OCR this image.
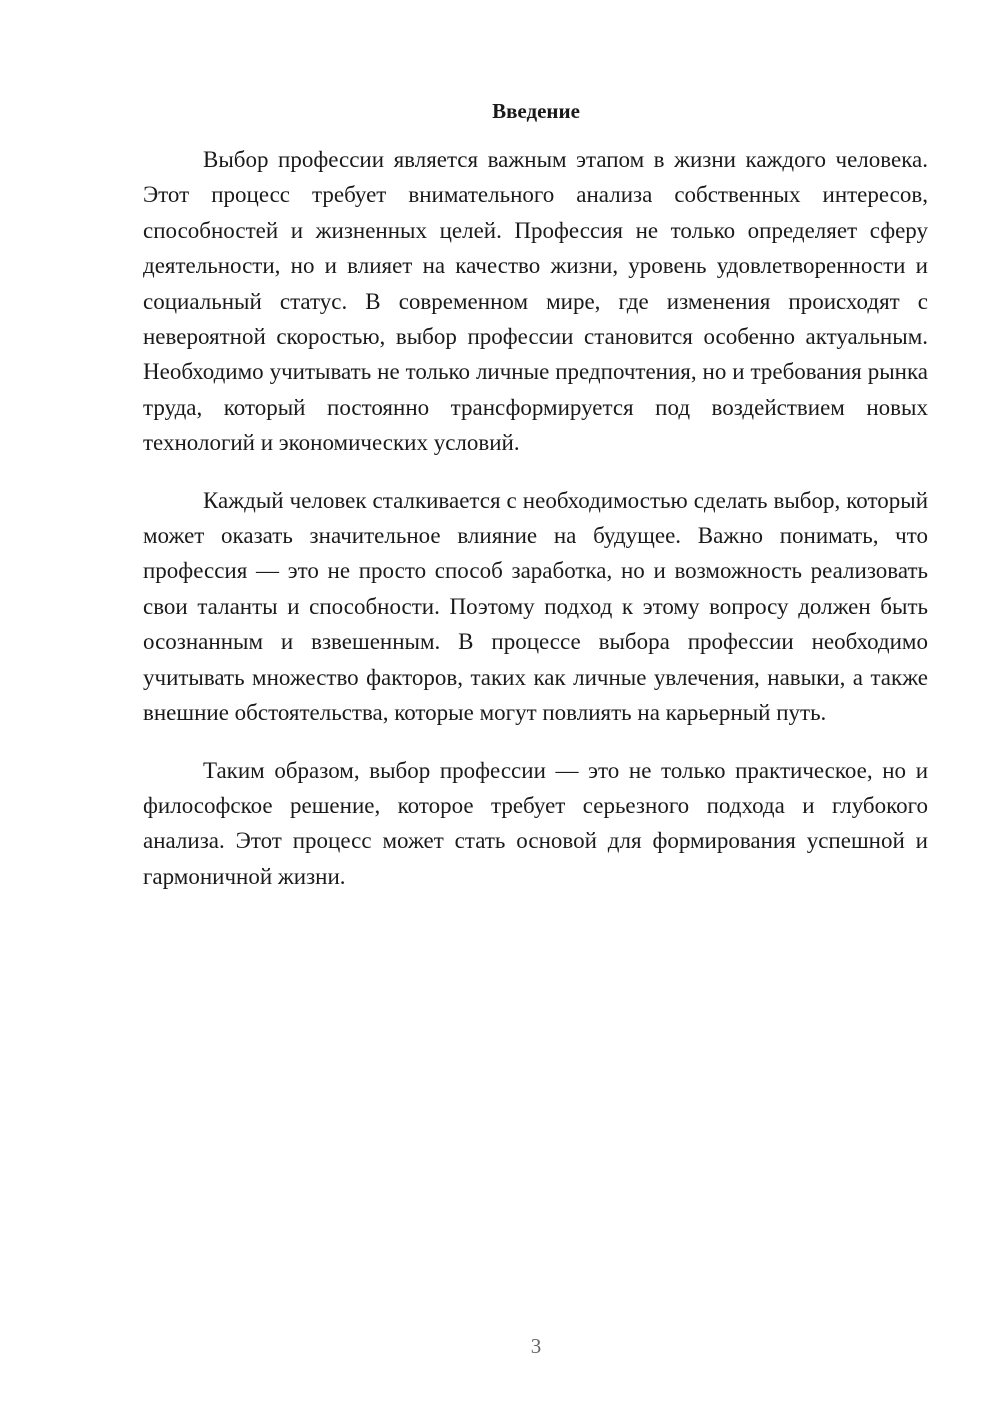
Введение

Выбор профессии является важным этапом в жизни каждого человека. Этот процесс требует внимательного анализа собственных интересов, способностей и жизненных целей. Профессия не только определяет сферу деятельности, но и влияет на качество жизни, уровень удовлетворенности и социальный статус. В современном мире, где изменения происходят с невероятной скоростью, выбор профессии становится особенно актуальным. Необходимо учитывать не только личные предпочтения, но и требования рынка труда, который постоянно трансформируется под воздействием новых технологий и экономических условий.

Каждый человек сталкивается с необходимостью сделать выбор, который может оказать значительное влияние на будущее. Важно понимать, что профессия — это не просто способ заработка, но и возможность реализовать свои таланты и способности. Поэтому подход к этому вопросу должен быть осознанным и взвешенным. В процессе выбора профессии необходимо учитывать множество факторов, таких как личные увлечения, навыки, а также внешние обстоятельства, которые могут повлиять на карьерный путь.

Таким образом, выбор профессии — это не только практическое, но и философское решение, которое требует серьезного подхода и глубокого анализа. Этот процесс может стать основой для формирования успешной и гармоничной жизни.

3
